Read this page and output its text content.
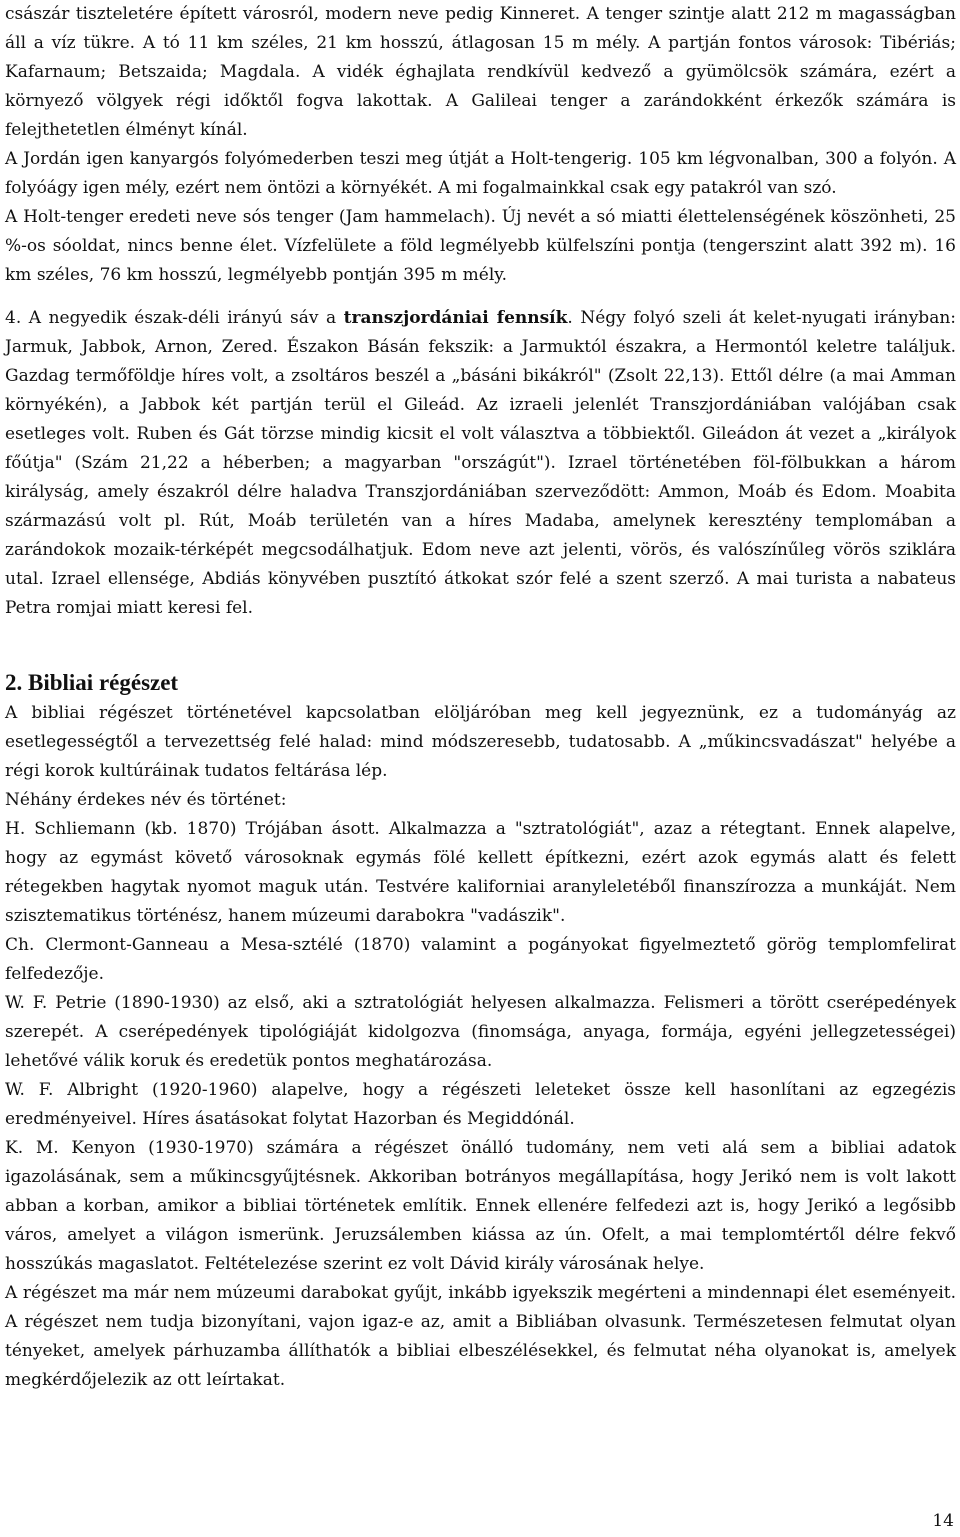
császár tiszteletére épített városról, modern neve pedig Kinneret. A tenger szintje alatt 212 m magasságban áll a víz tükre. A tó 11 km széles, 21 km hosszú, átlagosan 15 m mély. A partján fontos városok: Tibériás; Kafarnaum; Betszaida; Magdala. A vidék éghajlata rendkívül kedvező a gyümölcsök számára, ezért a környező völgyek régi időktől fogva lakottak. A Galileai tenger a zarándokként érkezők számára is felejthetetlen élményt kínál.

A Jordán igen kanyargós folyómederben teszi meg útját a Holt-tengerig. 105 km légvonalban, 300 a folyón. A folyóágy igen mély, ezért nem öntözi a környékét. A mi fogalmainkkal csak egy patakról van szó.

A Holt-tenger eredeti neve sós tenger (Jam hammelach). Új nevét a só miatti élettelenségének köszönheti, 25 %-os sóoldat, nincs benne élet. Vízfelülete a föld legmélyebb külfelszíni pontja (tengerszint alatt 392 m). 16 km széles, 76 km hosszú, legmélyebb pontján 395 m mély.

4. A negyedik észak-déli irányú sáv a transzjordániai fennsík. Négy folyó szeli át kelet-nyugati irányban: Jarmuk, Jabbok, Arnon, Zered. Északon Básán fekszik: a Jarmuktól északra, a Hermontól keletre találjuk. Gazdag termőföldje híres volt, a zsoltáros beszél a „básáni bikákról" (Zsolt 22,13). Ettől délre (a mai Amman környékén), a Jabbok két partján terül el Gileád. Az izraeli jelenlét Transzjordániában valójában csak esetleges volt. Ruben és Gát törzse mindig kicsit el volt választva a többiektől. Gileádon át vezet a „királyok főútja" (Szám 21,22 a héberben; a magyarban "országút"). Izrael történetében föl-fölbukkan a három királyság, amely északról délre haladva Transzjordániában szerveződött: Ammon, Moáb és Edom. Moabita származású volt pl. Rút, Moáb területén van a híres Madaba, amelynek keresztény templomában a zarándokok mozaik-térképét megcsodálhatjuk. Edom neve azt jelenti, vörös, és valószínűleg vörös sziklára utal. Izrael ellensége, Abdiás könyvében pusztító átkokat szór felé a szent szerző. A mai turista a nabateus Petra romjai miatt keresi fel.

2. Bibliai régészet

A bibliai régészet történetével kapcsolatban elöljáróban meg kell jegyeznünk, ez a tudományág az esetlegességtől a tervezettség felé halad: mind módszeresebb, tudatosabb. A „műkincsvadászat" helyébe a régi korok kultúráinak tudatos feltárása lép.

Néhány érdekes név és történet:

H. Schliemann (kb. 1870) Trójában ásott. Alkalmazza a "sztratológiát", azaz a rétegtant. Ennek alapelve, hogy az egymást követő városoknak egymás fölé kellett építkezni, ezért azok egymás alatt és felett rétegekben hagytak nyomot maguk után. Testvére kaliforniai aranyleletéből finanszírozza a munkáját. Nem szisztematikus történész, hanem múzeumi darabokra "vadászik".

Ch. Clermont-Ganneau a Mesa-sztélé (1870) valamint a pogányokat figyelmeztető görög templomfelirat felfedezője.

W. F. Petrie (1890-1930) az első, aki a sztratológiát helyesen alkalmazza. Felismeri a törött cserépedények szerepét. A cserépedények tipológiáját kidolgozva (finomsága, anyaga, formája, egyéni jellegzetességei) lehetővé válik koruk és eredetük pontos meghatározása.

W. F. Albright (1920-1960) alapelve, hogy a régészeti leleteket össze kell hasonlítani az egzegézis eredményeivel. Híres ásatásokat folytat Hazorban és Megiddónál.

K. M. Kenyon (1930-1970) számára a régészet önálló tudomány, nem veti alá sem a bibliai adatok igazolásának, sem a műkincsgyűjtésnek. Akkoriban botrányos megállapítása, hogy Jerikó nem is volt lakott abban a korban, amikor a bibliai történetek említik. Ennek ellenére felfedezi azt is, hogy Jerikó a legősibb város, amelyet a világon ismerünk. Jeruzsálemben kiássa az ún. Ofelt, a mai templomtértől délre fekvő hosszúkás magaslatot. Feltételezése szerint ez volt Dávid király városának helye.

A régészet ma már nem múzeumi darabokat gyűjt, inkább igyekszik megérteni a mindennapi élet eseményeit. A régészet nem tudja bizonyítani, vajon igaz-e az, amit a Bibliában olvasunk. Természetesen felmutat olyan tényeket, amelyek párhuzamba állíthatók a bibliai elbeszélésekkel, és felmutat néha olyanokat is, amelyek megkérdőjelezik az ott leírtakat.

14
